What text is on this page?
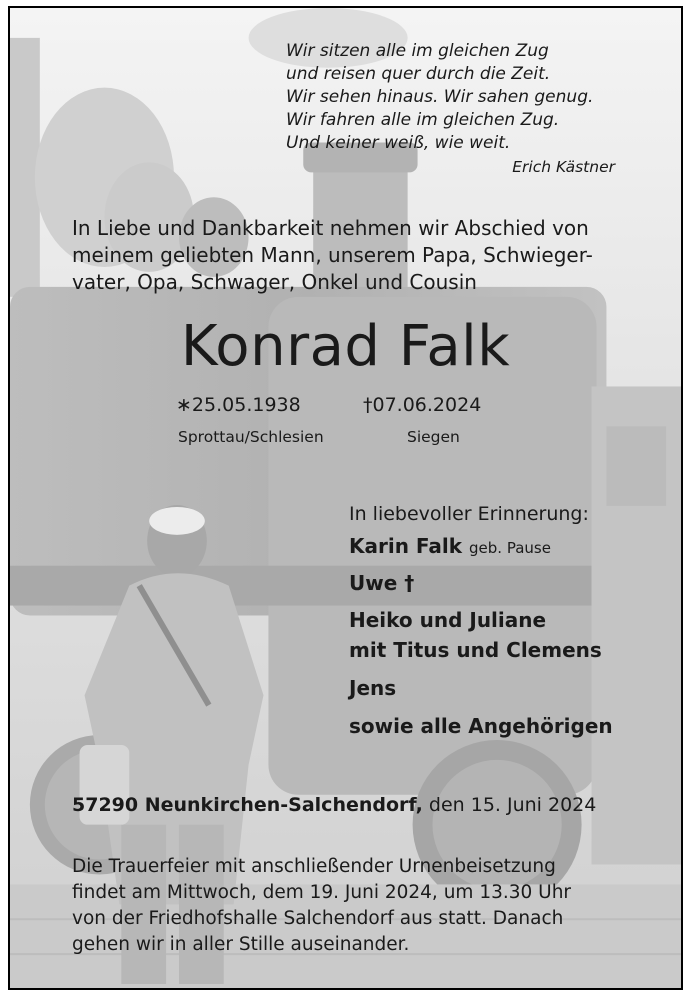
Wir sitzen alle im gleichen Zug
und reisen quer durch die Zeit.
Wir sehen hinaus. Wir sahen genug.
Wir fahren alle im gleichen Zug.
Und keiner weiß, wie weit.
Erich Kästner
In Liebe und Dankbarkeit nehmen wir Abschied von
meinem geliebten Mann, unserem Papa, Schwieger-
vater, Opa, Schwager, Onkel und Cousin
Konrad Falk
∗25.05.1938	†07.06.2024
Sprottau/Schlesien	Siegen
In liebevoller Erinnerung:
Karin Falk geb. Pause
Uwe †
Heiko und Juliane
mit Titus und Clemens
Jens
sowie alle Angehörigen
57290 Neunkirchen-Salchendorf, den 15. Juni 2024
Die Trauerfeier mit anschließender Urnenbeisetzung
findet am Mittwoch, dem 19. Juni 2024, um 13.30 Uhr
von der Friedhofshalle Salchendorf aus statt. Danach
gehen wir in aller Stille auseinander.
